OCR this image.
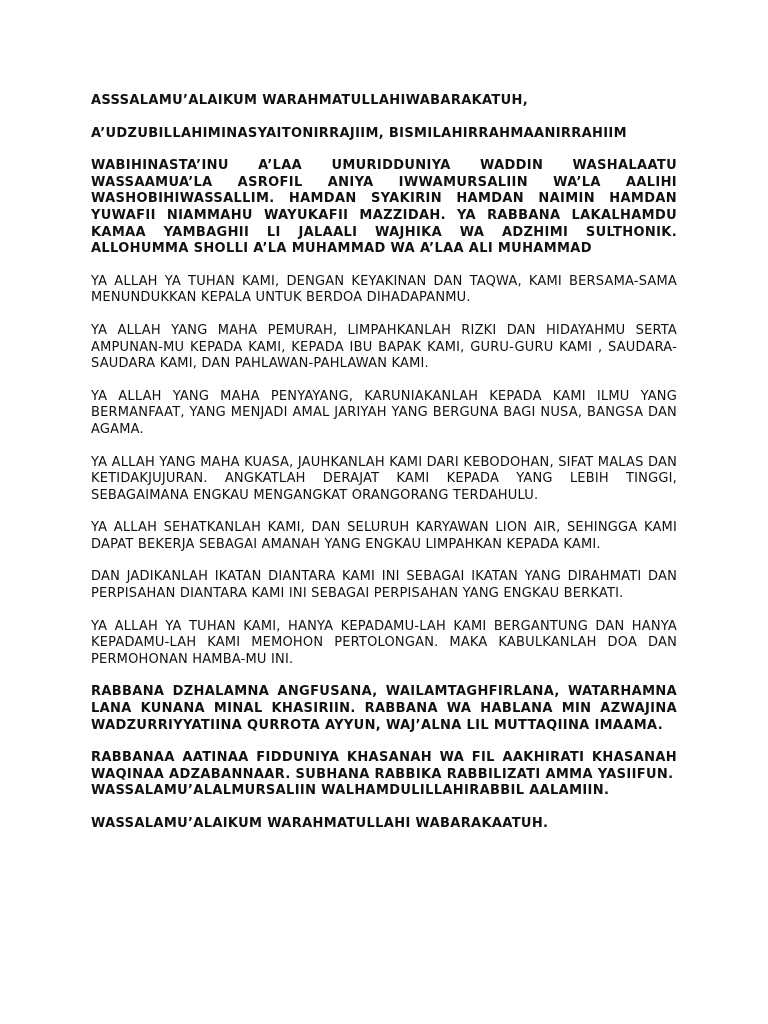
ASSSALAMU’ALAIKUM WARAHMATULLAHIWABARAKATUH,

A’UDZUBILLAHIMINASYAITONIRRAJIIM, BISMILAHIRRAHMAANIRRAHIIM

WABIHINASTA’INU A’LAA UMURIDDUNIYA WADDIN WASHALAATU WASSAAMUA’LA ASROFIL ANIYA IWWAMURSALIIN WA’LA AALIHI WASHOBIHIWASSALLIM. HAMDAN SYAKIRIN HAMDAN NAIMIN HAMDAN YUWAFII NIAMMAHU WAYUKAFII MAZZIDAH. YA RABBANA LAKALHAMDU KAMAA YAMBAGHII LI JALAALI WAJHIKA WA ADZHIMI SULTHONIK. ALLOHUMMA SHOLLI A’LA MUHAMMAD WA A’LAA ALI MUHAMMAD

YA ALLAH YA TUHAN KAMI, DENGAN KEYAKINAN DAN TAQWA, KAMI BERSAMA-SAMA MENUNDUKKAN KEPALA UNTUK BERDOA DIHADAPANMU.

YA ALLAH YANG MAHA PEMURAH, LIMPAHKANLAH RIZKI DAN HIDAYAHMU SERTA AMPUNAN-MU KEPADA KAMI, KEPADA IBU BAPAK KAMI, GURU-GURU KAMI , SAUDARA-SAUDARA KAMI, DAN PAHLAWAN-PAHLAWAN KAMI.

YA ALLAH YANG MAHA PENYAYANG, KARUNIAKANLAH KEPADA KAMI ILMU YANG BERMANFAAT, YANG MENJADI AMAL JARIYAH YANG BERGUNA BAGI NUSA, BANGSA DAN AGAMA.

YA ALLAH YANG MAHA KUASA, JAUHKANLAH KAMI DARI KEBODOHAN, SIFAT MALAS DAN KETIDAKJUJURAN. ANGKATLAH DERAJAT KAMI KEPADA YANG LEBIH TINGGI, SEBAGAIMANA ENGKAU MENGANGKAT ORANGORANG TERDAHULU.

YA ALLAH SEHATKANLAH KAMI, DAN SELURUH KARYAWAN LION AIR, SEHINGGA KAMI DAPAT BEKERJA SEBAGAI AMANAH YANG ENGKAU LIMPAHKAN KEPADA KAMI.

DAN JADIKANLAH IKATAN DIANTARA KAMI INI SEBAGAI IKATAN YANG DIRAHMATI DAN PERPISAHAN DIANTARA KAMI INI SEBAGAI PERPISAHAN YANG ENGKAU BERKATI.

YA ALLAH YA TUHAN KAMI, HANYA KEPADAMU-LAH KAMI BERGANTUNG DAN HANYA KEPADAMU-LAH KAMI MEMOHON PERTOLONGAN. MAKA KABULKANLAH DOA DAN PERMOHONAN HAMBA-MU INI.

RABBANA DZHALAMNA ANGFUSANA, WAILAMTAGHFIRLANA, WATARHAMNA LANA KUNANA MINAL KHASIRIIN. RABBANA WA HABLANA MIN AZWAJINA WADZURRIYYATIINA QURROTA AYYUN, WAJ’ALNA LIL MUTTAQIINA IMAAMA.

RABBANAA AATINAA FIDDUNIYA KHASANAH WA FIL AAKHIRATI KHASANAH WAQINAA ADZABANNAAR. SUBHANA RABBIKA RABBILIZATI AMMA YASIIFUN.
WASSALAMU’ALALMURSALIIN WALHAMDULILLAHIRABBIL AALAMIIN.

WASSALAMU’ALAIKUM WARAHMATULLAHI WABARAKAATUH.
